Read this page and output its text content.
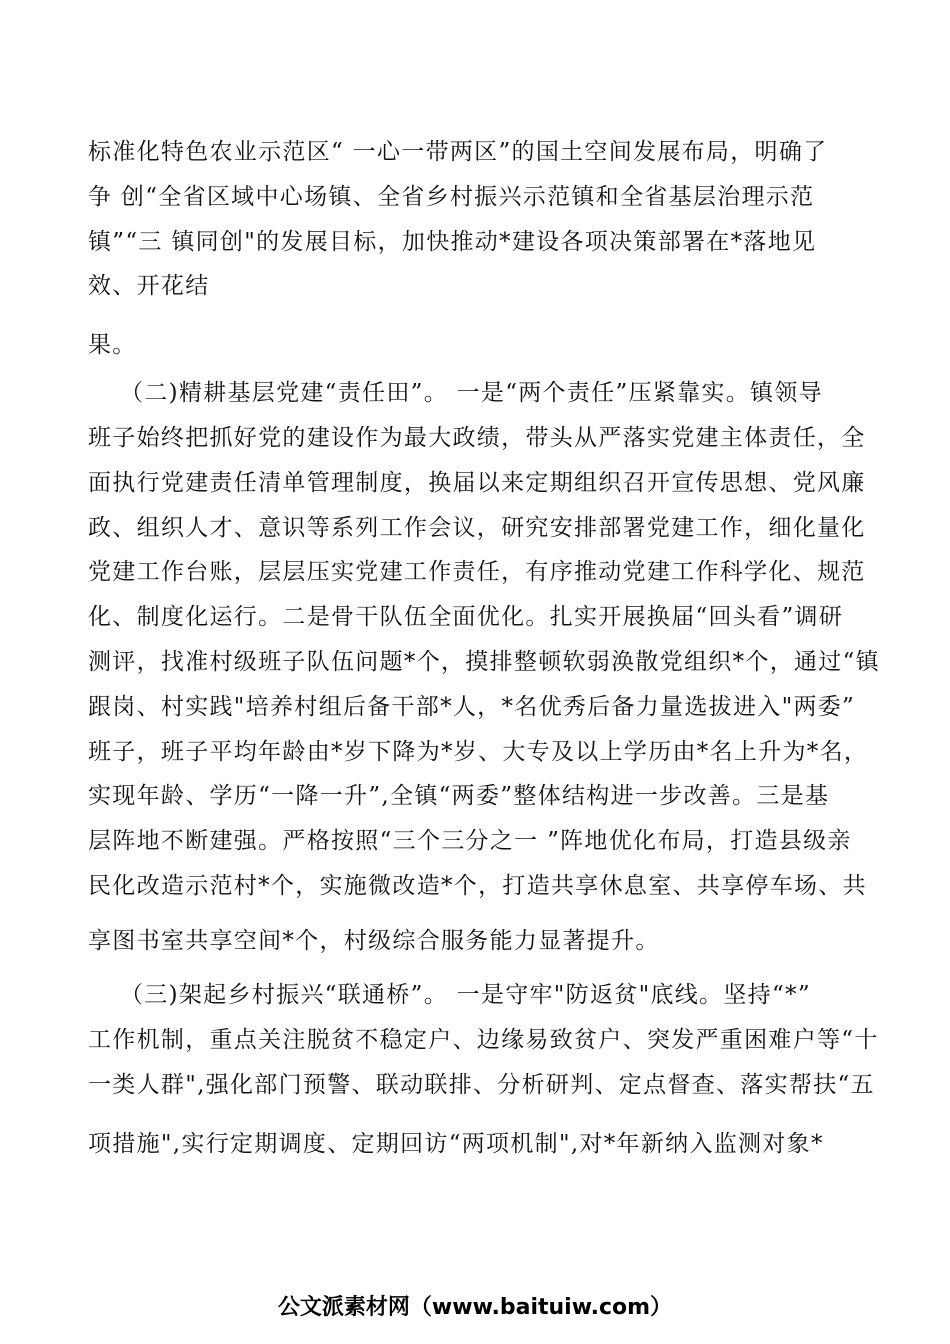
标准化特色农业示范区“ 一心一带两区”的国土空间发展布局，明确了
争 创“全省区域中心场镇、全省乡村振兴示范镇和全省基层治理示范
镇”“三 镇同创"的发展目标，加快推动*建设各项决策部署在*落地见
效、开花结
果。
（二)精耕基层党建“责任田”。 一是“两个责任”压紧靠实。镇领导
班子始终把抓好党的建设作为最大政绩，带头从严落实党建主体责任，全
面执行党建责任清单管理制度，换届以来定期组织召开宣传思想、党风廉
政、组织人才、意识等系列工作会议，研究安排部署党建工作，细化量化
党建工作台账，层层压实党建工作责任，有序推动党建工作科学化、规范
化、制度化运行。二是骨干队伍全面优化。扎实开展换届“回头看”调研
测评，找准村级班子队伍问题*个，摸排整顿软弱涣散党组织*个，通过“镇
跟岗、村实践"培养村组后备干部*人，*名优秀后备力量选拔进入"两委”
班子，班子平均年龄由*岁下降为*岁、大专及以上学历由*名上升为*名，
实现年龄、学历“一降一升”,全镇“两委”整体结构进一步改善。三是基
层阵地不断建强。严格按照“三个三分之一 ”阵地优化布局，打造县级亲
民化改造示范村*个，实施微改造*个，打造共享休息室、共享停车场、共
享图书室共享空间*个，村级综合服务能力显著提升。
（三)架起乡村振兴“联通桥”。 一是守牢"防返贫"底线。坚持“*”
工作机制，重点关注脱贫不稳定户、边缘易致贫户、突发严重困难户等“十
一类人群",强化部门预警、联动联排、分析研判、定点督查、落实帮扶“五
项措施",实行定期调度、定期回访“两项机制",对*年新纳入监测对象*
公文派素材网（www.baituiw.com）
